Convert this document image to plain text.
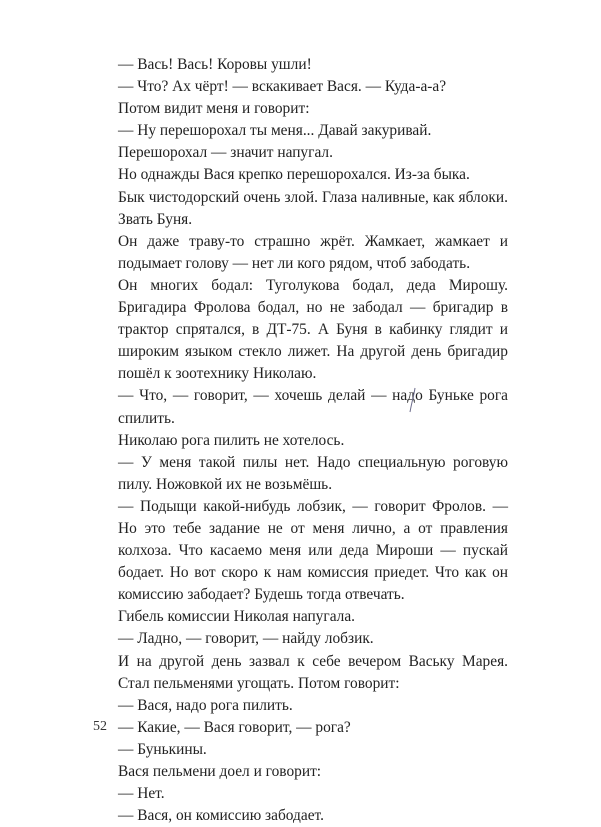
— Вась! Вась! Коровы ушли!

— Что? Ах чёрт! — вскакивает Вася. — Куда-а-а?

Потом видит меня и говорит:

— Ну перешорохал ты меня... Давай закуривай.

Перешорохал — значит напугал.

Но однажды Вася крепко перешорохался. Из-за быка.

Бык чистодорский очень злой. Глаза наливные, как яблоки. Звать Буня.

Он даже траву-то страшно жрёт. Жамкает, жамкает и подымает голову — нет ли кого рядом, чтоб забодать.

Он многих бодал: Туголукова бодал, деда Мирошу. Бригадира Фролова бодал, но не забодал — бригадир в трактор спрятался, в ДТ-75. А Буня в кабинку глядит и широким языком стекло лижет. На другой день бригадир пошёл к зоотехнику Николаю.

— Что, — говорит, — хочешь делай — надо Буньке рога спилить.

Николаю рога пилить не хотелось.

— У меня такой пилы нет. Надо специальную роговую пилу. Ножовкой их не возьмёшь.

— Подыщи какой-нибудь лобзик, — говорит Фролов. — Но это тебе задание не от меня лично, а от правления колхоза. Что касаемо меня или деда Мироши — пускай бодает. Но вот скоро к нам комиссия приедет. Что как он комиссию забодает? Будешь тогда отвечать.

Гибель комиссии Николая напугала.

— Ладно, — говорит, — найду лобзик.

И на другой день зазвал к себе вечером Ваську Марея. Стал пельменями угощать. Потом говорит:

— Вася, надо рога пилить.

— Какие, — Вася говорит, — рога?

— Бунькины.

Вася пельмени доел и говорит:

— Нет.

— Вася, он комиссию забодает.

52
